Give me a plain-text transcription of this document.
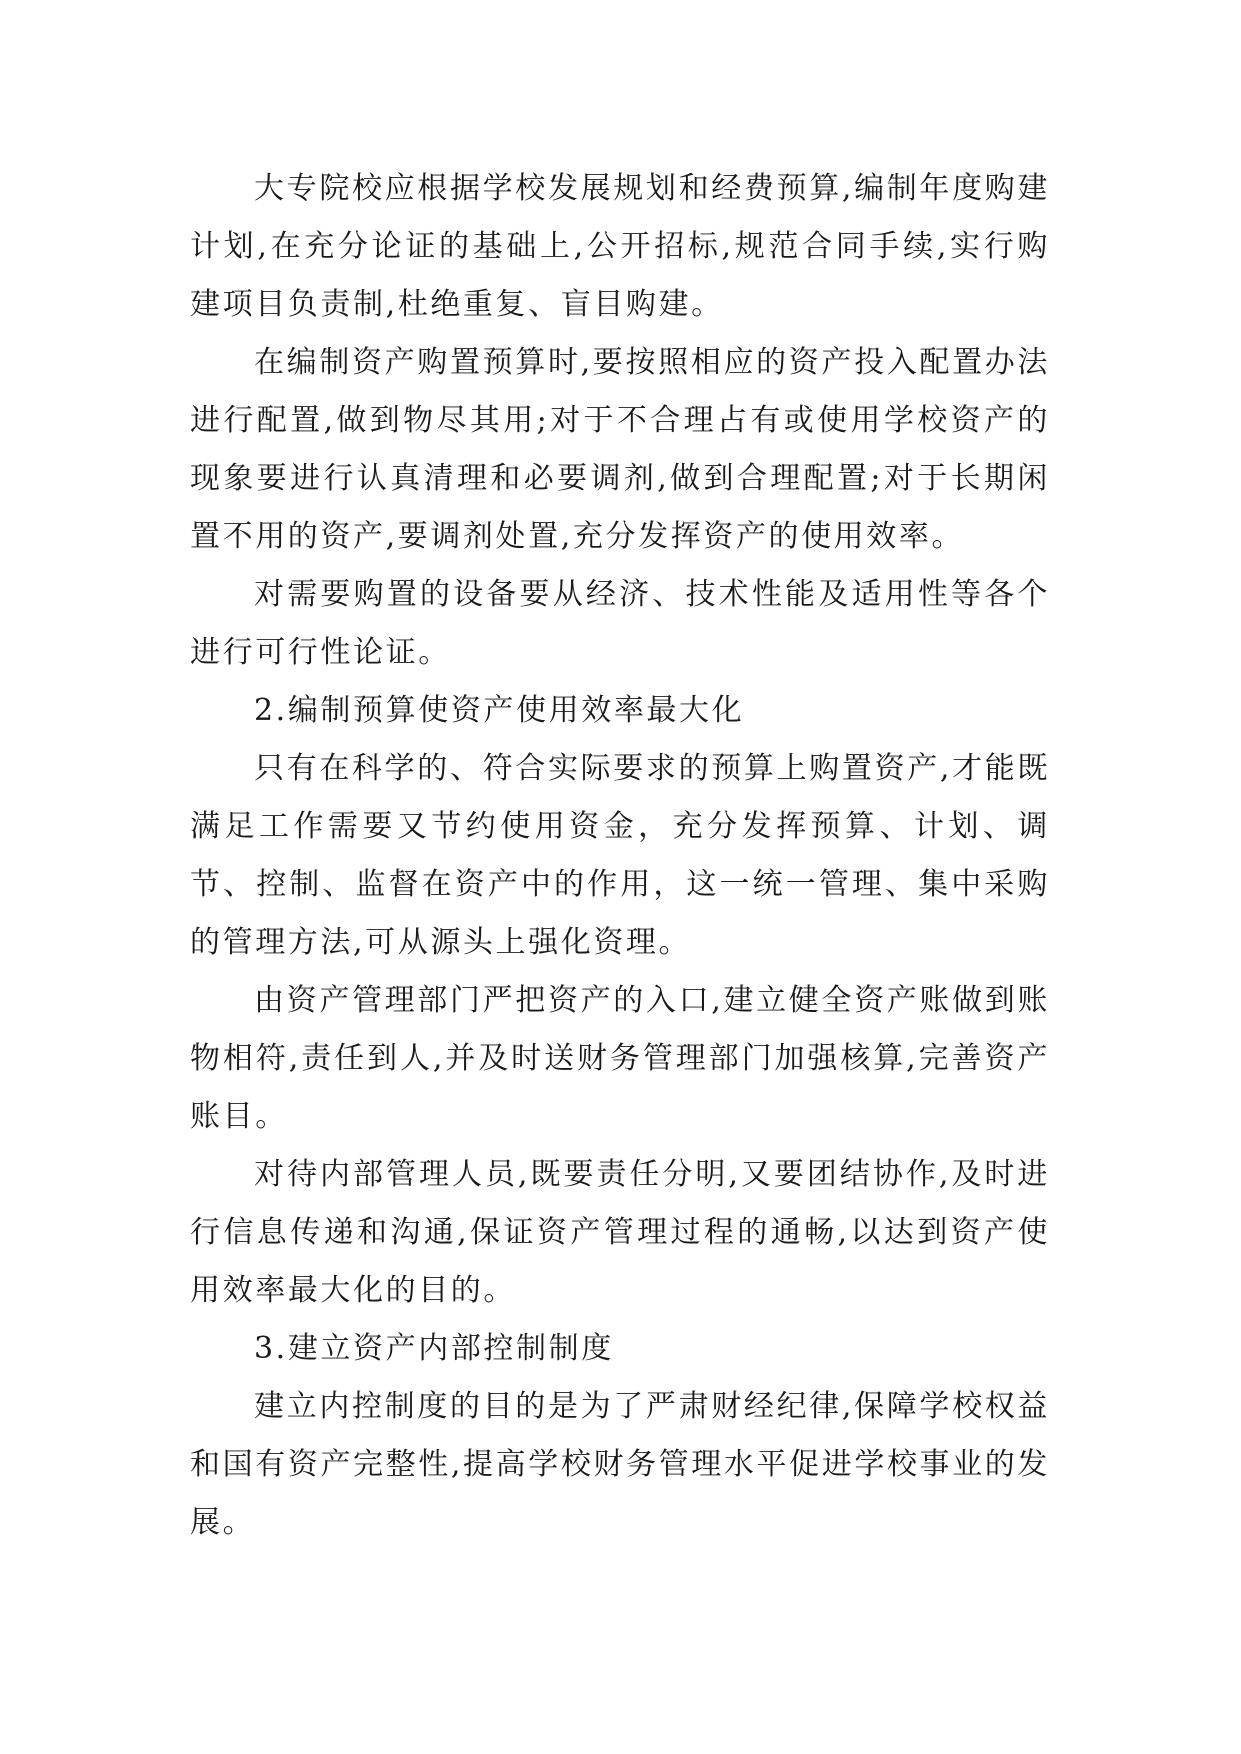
大专院校应根据学校发展规划和经费预算,编制年度购建计划,在充分论证的基础上,公开招标,规范合同手续,实行购建项目负责制,杜绝重复、盲目购建。

在编制资产购置预算时,要按照相应的资产投入配置办法进行配置,做到物尽其用;对于不合理占有或使用学校资产的现象要进行认真清理和必要调剂,做到合理配置;对于长期闲置不用的资产,要调剂处置,充分发挥资产的使用效率。

对需要购置的设备要从经济、技术性能及适用性等各个进行可行性论证。

2.编制预算使资产使用效率最大化

只有在科学的、符合实际要求的预算上购置资产,才能既满足工作需要又节约使用资金，充分发挥预算、计划、调节、控制、监督在资产中的作用，这一统一管理、集中采购的管理方法,可从源头上强化资理。

由资产管理部门严把资产的入口,建立健全资产账做到账物相符,责任到人,并及时送财务管理部门加强核算,完善资产账目。

对待内部管理人员,既要责任分明,又要团结协作,及时进行信息传递和沟通,保证资产管理过程的通畅,以达到资产使用效率最大化的目的。

3.建立资产内部控制制度

建立内控制度的目的是为了严肃财经纪律,保障学校权益和国有资产完整性,提高学校财务管理水平促进学校事业的发展。
